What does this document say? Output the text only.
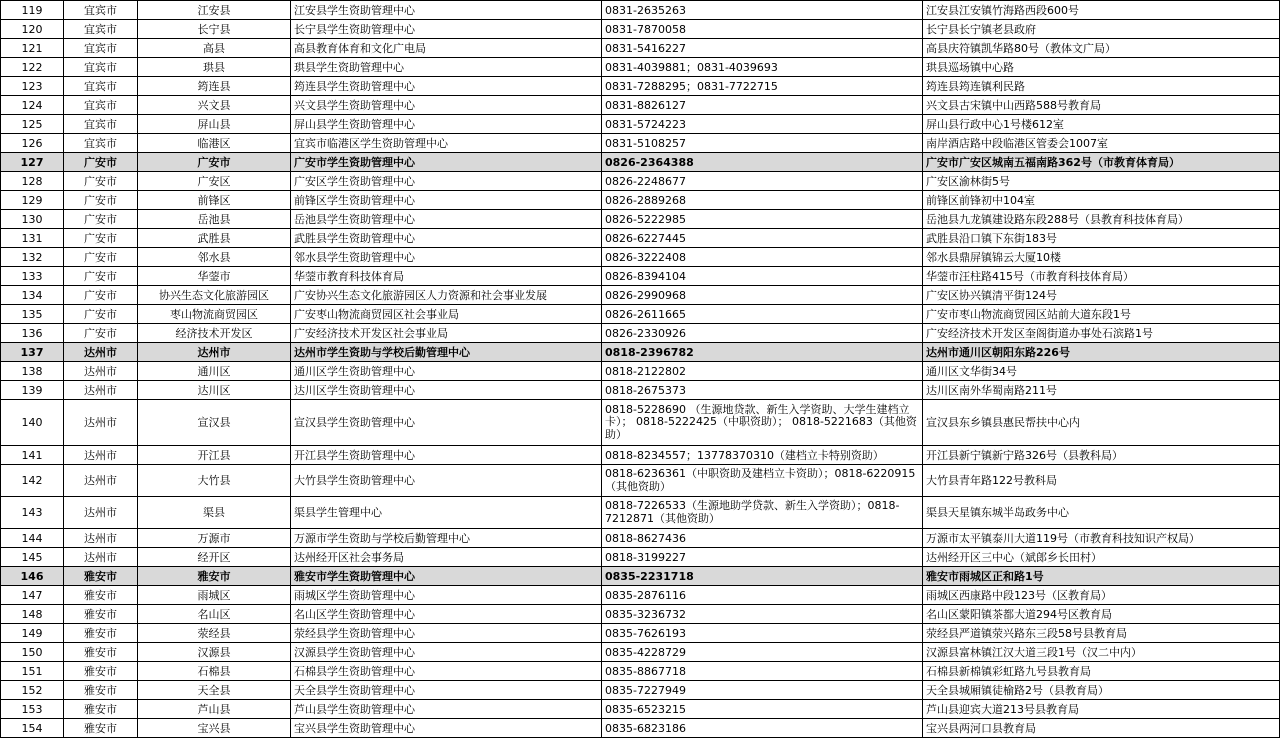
119	宜宾市	江安县	江安县学生资助管理中心	0831-2635263	江安县江安镇竹海路西段600号
120	宜宾市	长宁县	长宁县学生资助管理中心	0831-7870058	长宁县长宁镇老县政府
121	宜宾市	高县	高县教育体育和文化广电局	0831-5416227	高县庆符镇凯华路80号（教体文广局）
122	宜宾市	珙县	珙县学生资助管理中心	0831-4039881；0831-4039693	珙县巡场镇中心路
123	宜宾市	筠连县	筠连县学生资助管理中心	0831-7288295；0831-7722715	筠连县筠连镇利民路
124	宜宾市	兴文县	兴文县学生资助管理中心	0831-8826127	兴文县古宋镇中山西路588号教育局
125	宜宾市	屏山县	屏山县学生资助管理中心	0831-5724223	屏山县行政中心1号楼612室
126	宜宾市	临港区	宜宾市临港区学生资助管理中心	0831-5108257	南岸酒店路中段临港区管委会1007室
127	广安市	广安市	广安市学生资助管理中心	0826-2364388	广安市广安区城南五福南路362号（市教育体育局）
128	广安市	广安区	广安区学生资助管理中心	0826-2248677	广安区渝林街5号
129	广安市	前锋区	前锋区学生资助管理中心	0826-2889268	前锋区前锋初中104室
130	广安市	岳池县	岳池县学生资助管理中心	0826-5222985	岳池县九龙镇建设路东段288号（县教育科技体育局）
131	广安市	武胜县	武胜县学生资助管理中心	0826-6227445	武胜县沿口镇下东街183号
132	广安市	邻水县	邻水县学生资助管理中心	0826-3222408	邻水县鼎屏镇锦云大厦10楼
133	广安市	华蓥市	华蓥市教育科技体育局	0826-8394104	华蓥市汪柱路415号（市教育科技体育局）
134	广安市	协兴生态文化旅游园区	广安协兴生态文化旅游园区人力资源和社会事业发展	0826-2990968	广安区协兴镇清平街124号
135	广安市	枣山物流商贸园区	广安枣山物流商贸园区社会事业局	0826-2611665	广安市枣山物流商贸园区站前大道东段1号
136	广安市	经济技术开发区	广安经济技术开发区社会事业局	0826-2330926	广安经济技术开发区奎阁街道办事处石滨路1号
137	达州市	达州市	达州市学生资助与学校后勤管理中心	0818-2396782	达州市通川区朝阳东路226号
138	达州市	通川区	通川区学生资助管理中心	0818-2122802	通川区文华街34号
139	达州市	达川区	达川区学生资助管理中心	0818-2675373	达川区南外华蜀南路211号
140	达州市	宣汉县	宣汉县学生资助管理中心	0818-5228690 （生源地贷款、新生入学资助、大学生建档立卡）； 0818-5222425（中职资助）； 0818-5221683（其他资助）	宣汉县东乡镇县惠民帮扶中心内
141	达州市	开江县	开江县学生资助管理中心	0818-8234557；13778370310（建档立卡特别资助）	开江县新宁镇新宁路326号（县教科局）
142	达州市	大竹县	大竹县学生资助管理中心	0818-6236361（中职资助及建档立卡资助）；0818-6220915（其他资助）	大竹县青年路122号教科局
143	达州市	渠县	渠县学生管理中心	0818-7226533（生源地助学贷款、新生入学资助）；0818-7212871（其他资助）	渠县天星镇东城半岛政务中心
144	达州市	万源市	万源市学生资助与学校后勤管理中心	0818-8627436	万源市太平镇泰川大道119号（市教育科技知识产权局）
145	达州市	经开区	达州经开区社会事务局	0818-3199227	达州经开区三中心（斌郎乡长田村）
146	雅安市	雅安市	雅安市学生资助管理中心	0835-2231718	雅安市雨城区正和路1号
147	雅安市	雨城区	雨城区学生资助管理中心	0835-2876116	雨城区西康路中段123号（区教育局）
148	雅安市	名山区	名山区学生资助管理中心	0835-3236732	名山区蒙阳镇茶都大道294号区教育局
149	雅安市	荥经县	荥经县学生资助管理中心	0835-7626193	荥经县严道镇荥兴路东三段58号县教育局
150	雅安市	汉源县	汉源县学生资助管理中心	0835-4228729	汉源县富林镇江汉大道三段1号（汉二中内）
151	雅安市	石棉县	石棉县学生资助管理中心	0835-8867718	石棉县新棉镇彩虹路九号县教育局
152	雅安市	天全县	天全县学生资助管理中心	0835-7227949	天全县城厢镇徒榆路2号（县教育局）
153	雅安市	芦山县	芦山县学生资助管理中心	0835-6523215	芦山县迎宾大道213号县教育局
154	雅安市	宝兴县	宝兴县学生资助管理中心	0835-6823186	宝兴县两河口县教育局
